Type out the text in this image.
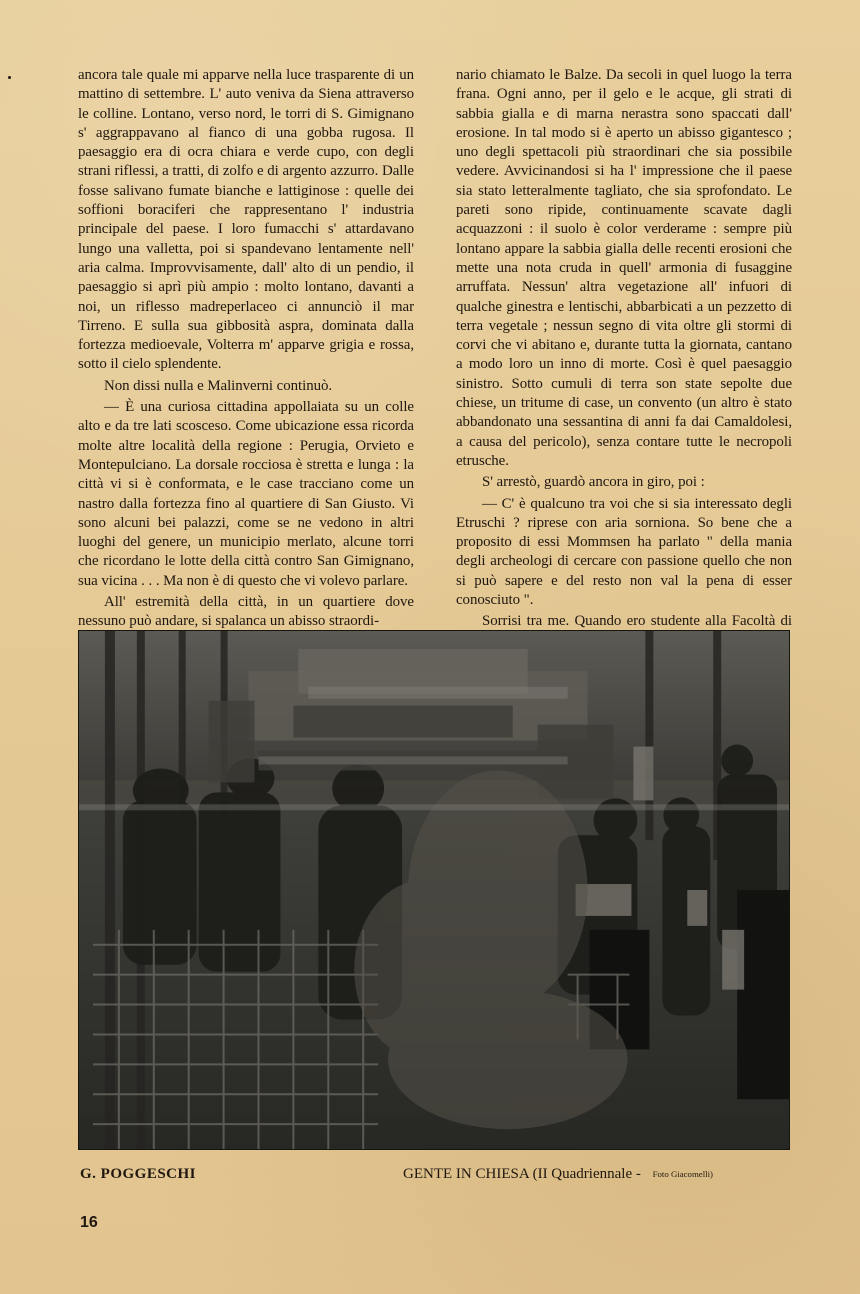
ancora tale quale mi apparve nella luce trasparente di un mattino di settembre. L' auto veniva da Siena attraverso le colline. Lontano, verso nord, le torri di S. Gimignano s' aggrappavano al fianco di una gobba rugosa. Il paesaggio era di ocra chiara e verde cupo, con degli strani riflessi, a tratti, di zolfo e di argento azzurro. Dalle fosse salivano fumate bianche e lattiginose : quelle dei soffioni boraciferi che rappresentano l' industria principale del paese. I loro fumacchi s' attardavano lungo una valletta, poi si spandevano lentamente nell' aria calma. Improvvisamente, dall' alto di un pendio, il paesaggio si aprì più ampio : molto lontano, davanti a noi, un riflesso madreperlaceo ci annunciò il mar Tirreno. E sulla sua gibbosità aspra, dominata dalla fortezza medioevale, Volterra m' apparve grigia e rossa, sotto il cielo splendente.

Non dissi nulla e Malinverni continuò.

— È una curiosa cittadina appollaiata su un colle alto e da tre lati scosceso. Come ubicazione essa ricorda molte altre località della regione : Perugia, Orvieto e Montepulciano. La dorsale rocciosa è stretta e lunga : la città vi si è conformata, e le case tracciano come un nastro dalla fortezza fino al quartiere di San Giusto. Vi sono alcuni bei palazzi, come se ne vedono in altri luoghi del genere, un municipio merlato, alcune torri che ricordano le lotte della città contro San Gimignano, sua vicina . . . Ma non è di questo che vi volevo parlare.

All' estremità della città, in un quartiere dove nessuno può andare, si spalanca un abisso straordi-

nario chiamato le Balze. Da secoli in quel luogo la terra frana. Ogni anno, per il gelo e le acque, gli strati di sabbia gialla e di marna nerastra sono spaccati dall' erosione. In tal modo si è aperto un abisso gigantesco ; uno degli spettacoli più straordinari che sia possibile vedere. Avvicinandosi si ha l' impressione che il paese sia stato letteralmente tagliato, che sia sprofondato. Le pareti sono ripide, continuamente scavate dagli acquazzoni : il suolo è color verderame : sempre più lontano appare la sabbia gialla delle recenti erosioni che mette una nota cruda in quell' armonia di fusaggine arruffata. Nessun' altra vegetazione all' infuori di qualche ginestra e lentischi, abbarbicati a un pezzetto di terra vegetale ; nessun segno di vita oltre gli stormi di corvi che vi abitano e, durante tutta la giornata, cantano a modo loro un inno di morte. Così è quel paesaggio sinistro. Sotto cumuli di terra son state sepolte due chiese, un tritume di case, un convento (un altro è stato abbandonato una sessantina di anni fa dai Camaldolesi, a causa del pericolo), senza contare tutte le necropoli etrusche.

S' arrestò, guardò ancora in giro, poi :

— C' è qualcuno tra voi che si sia interessato degli Etruschi ? riprese con aria sorniona. So bene che a proposito di essi Mommsen ha parlato " della mania degli archeologi di cercare con passione quello che non si può sapere e del resto non val la pena di esser conosciuto ".

Sorrisi tra me. Quando ero studente alla Facoltà di

G. POGGESCHI	GENTE IN CHIESA (II Quadriennale - Foto Giacomelli)
16
